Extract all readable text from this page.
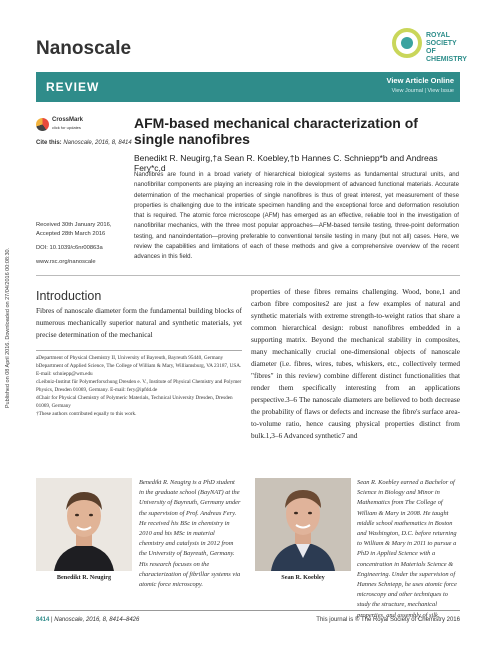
Nanoscale
ROYAL SOCIETY OF CHEMISTRY
REVIEW	View Article Online
View Journal | View Issue
Published on 08 April 2016. Downloaded on 27/04/2016 00:08:30.
CrossMark
click for updates
Cite this: Nanoscale, 2016, 8, 8414
AFM-based mechanical characterization of single nanofibres
Benedikt R. Neugirg,†a Sean R. Koebley,†b Hannes C. Schniepp*b and Andreas Fery*c,d
Nanofibres are found in a broad variety of hierarchical biological systems as fundamental structural units, and nanofibrillar components are playing an increasing role in the development of advanced functional materials. Accurate determination of the mechanical properties of single nanofibres is thus of great interest, yet measurement of these properties is challenging due to the intricate specimen handling and the exceptional force and deformation resolution that is required. The atomic force microscope (AFM) has emerged as an effective, reliable tool in the investigation of nanofibrillar mechanics, with the three most popular approaches—AFM-based tensile testing, three-point deformation testing, and nanoindentation—proving preferable to conventional tensile testing in many (but not all) cases. Here, we review the capabilities and limitations of each of these methods and give a comprehensive overview of the recent advances in this field.
Received 30th January 2016,
Accepted 28th March 2016
DOI: 10.1039/c6nr00863a
www.rsc.org/nanoscale
Introduction
Fibres of nanoscale diameter form the fundamental building blocks of numerous mechanically superior natural and synthetic materials, yet precise determination of the mechanical
aDepartment of Physical Chemistry II, University of Bayreuth, Bayreuth 95440, Germany
bDepartment of Applied Science, The College of William & Mary, Williamsburg, VA 23187, USA. E-mail: schniepp@wm.edu
cLeibniz-Institut für Polymerforschung Dresden e. V., Institute of Physical Chemistry and Polymer Physics, Dresden 01069, Germany. E-mail: fery@ipfdd.de
dChair for Physical Chemistry of Polymeric Materials, Technical University Dresden, Dresden 01069, Germany
†These authors contributed equally to this work.
properties of these fibres remains challenging. Wood, bone,1 and carbon fibre composites2 are just a few examples of natural and synthetic materials with extreme strength-to-weight ratios that share a common hierarchical design: robust nanofibres embedded in a supporting matrix. Beyond the mechanical stability in composites, many mechanically crucial one-dimensional objects of nanoscale diameter (i.e. fibres, wires, tubes, whiskers, etc., collectively termed "fibres" in this review) combine different distinct functionalities that render them specifically interesting from an applications perspective.3–6 The nanoscale diameters are believed to both decrease the probability of flaws or defects and increase the fibre's surface area-to-volume ratio, hence causing physical properties distinct from bulk.1,3–6 Advanced synthetic7 and
Benedikt R. Neugirg
Benedikt R. Neugirg is a PhD student in the graduate school (BayNAT) at the University of Bayreuth, Germany under the supervision of Prof. Andreas Fery. He received his BSc in chemistry in 2010 and his MSc in material chemistry and catalysis in 2012 from the University of Bayreuth, Germany. His research focuses on the characterization of fibrillar systems via atomic force microscopy.
Sean R. Koebley
Sean R. Koebley earned a Bachelor of Science in Biology and Minor in Mathematics from The College of William & Mary in 2008. He taught middle school mathematics in Boston and Washington, D.C. before returning to William & Mary in 2011 to pursue a PhD in Applied Science with a concentration in Materials Science & Engineering. Under the supervision of Hannes Schniepp, he uses atomic force microscopy and other techniques to study the structure, mechanical properties, and assembly of silk.
8414 | Nanoscale, 2016, 8, 8414–8426	This journal is © The Royal Society of Chemistry 2016
